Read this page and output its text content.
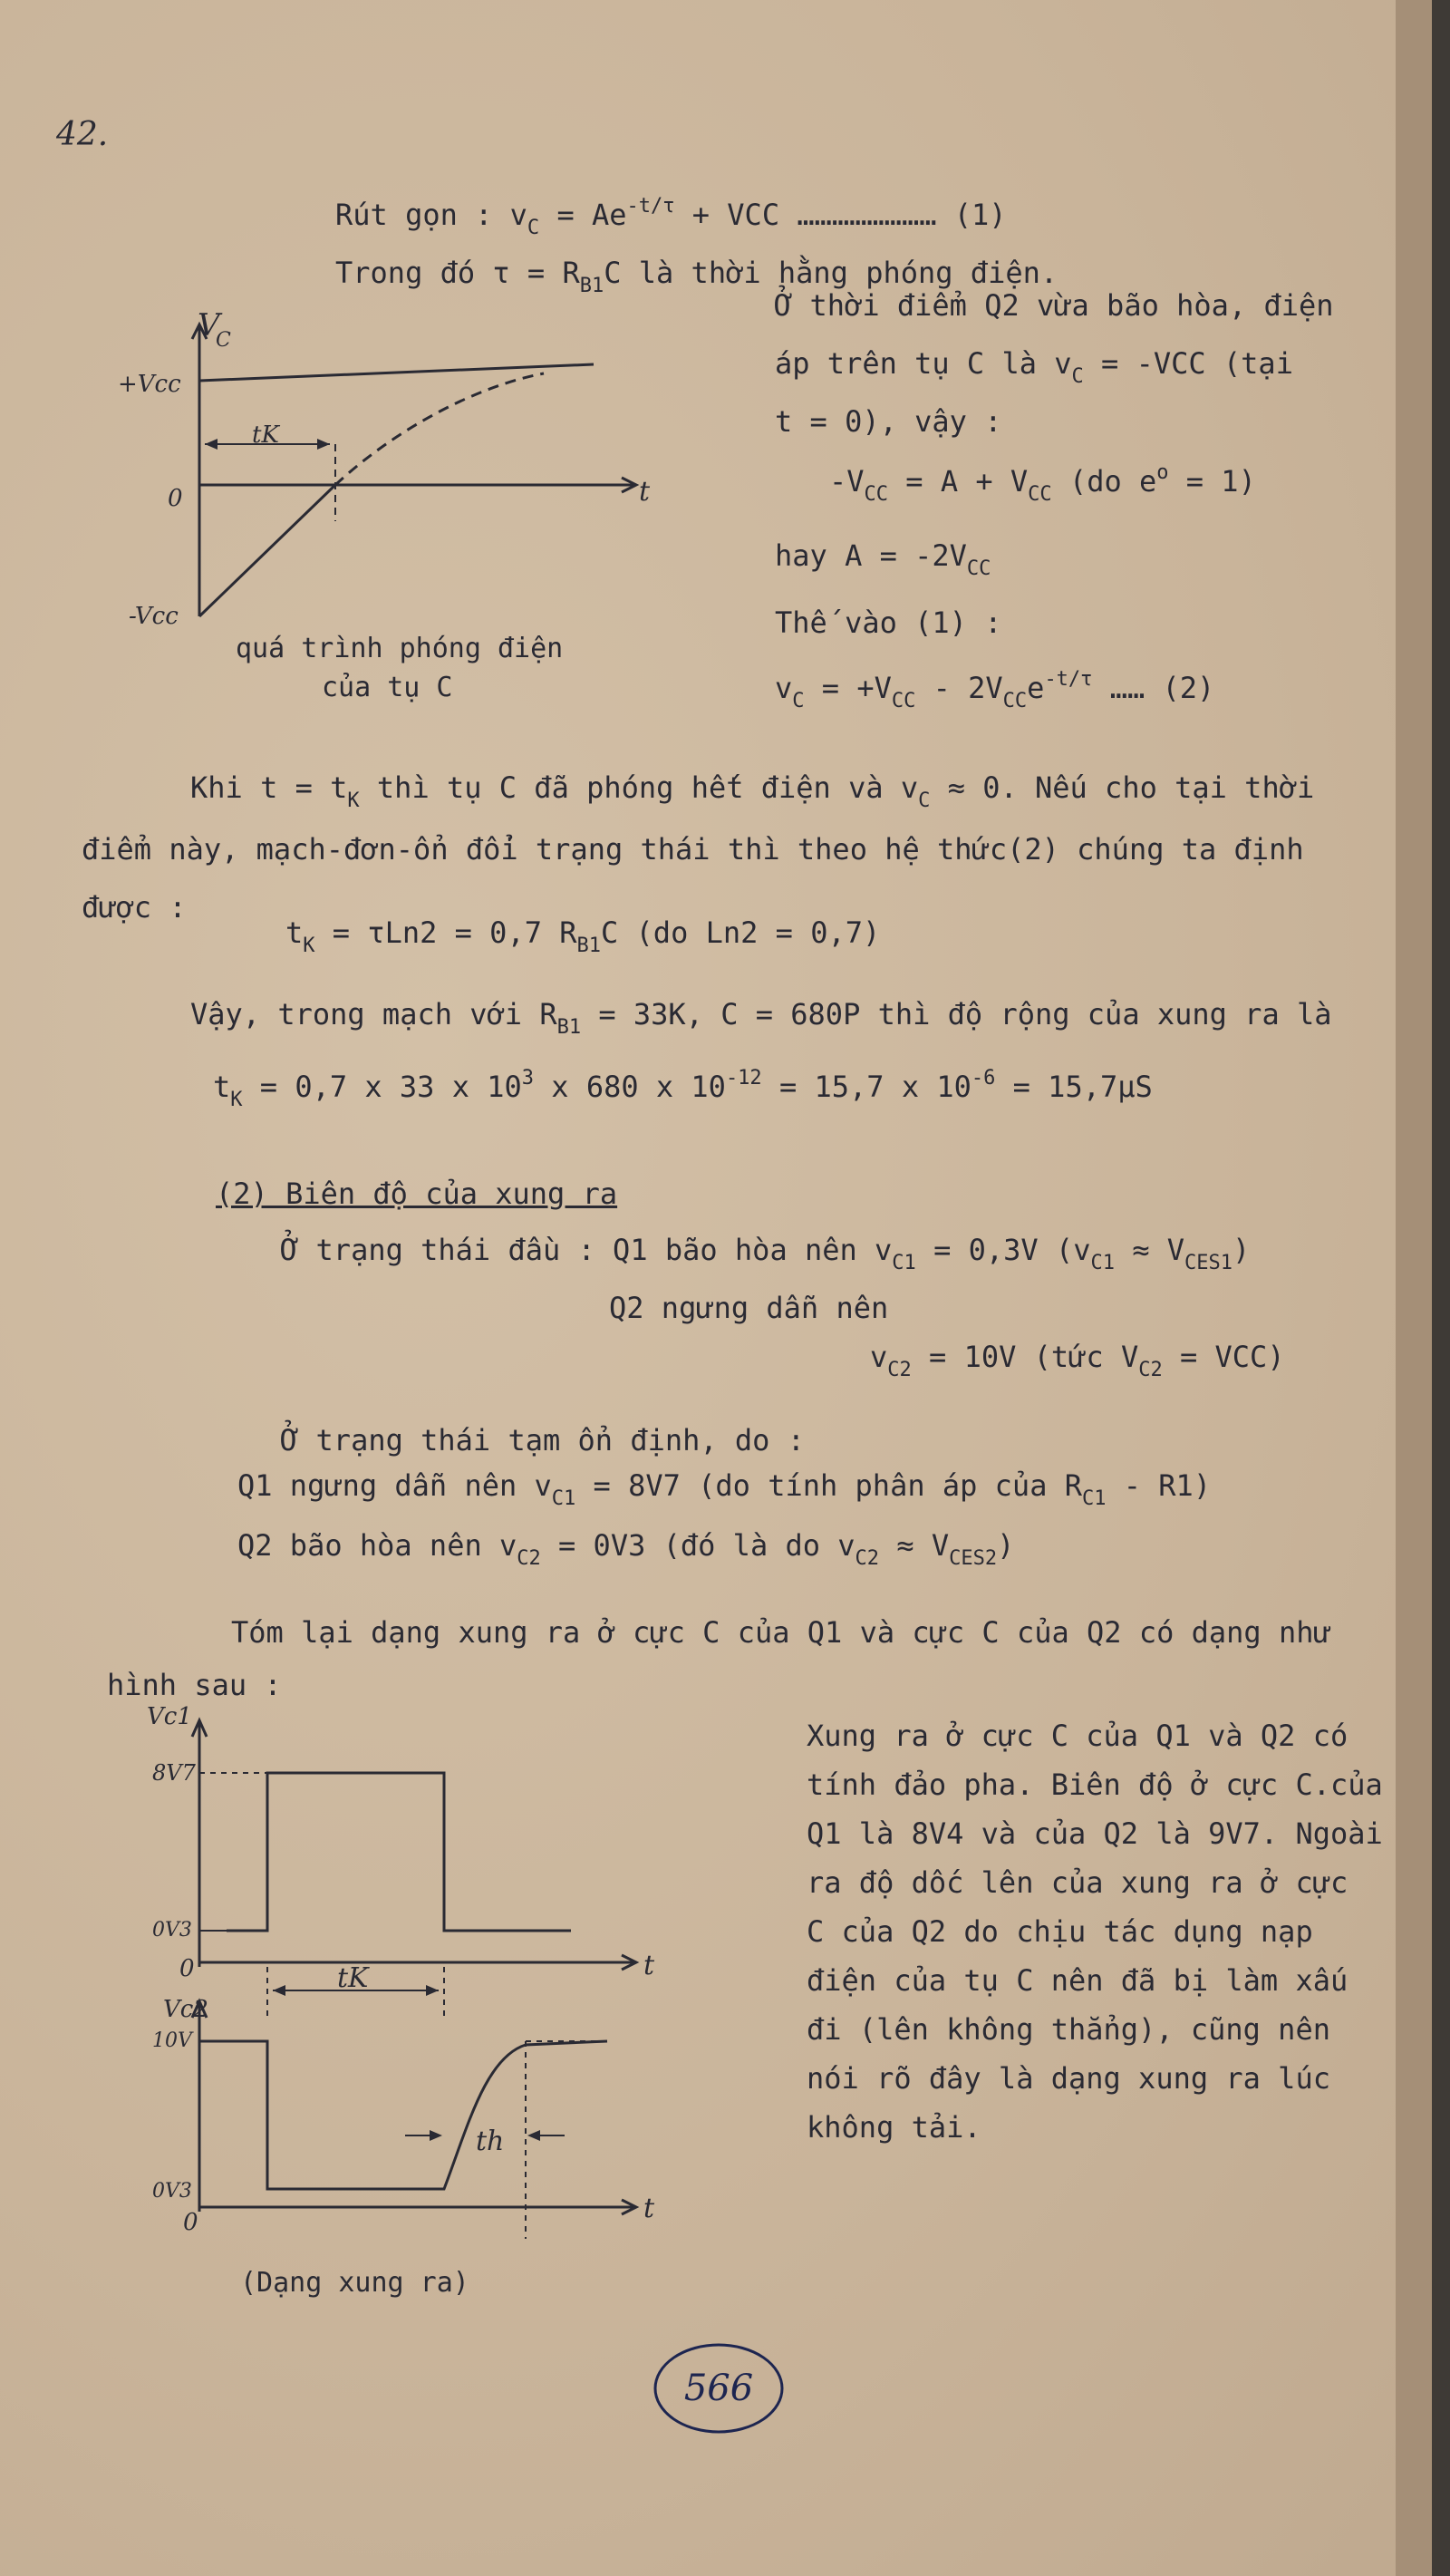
42.
Rút gọn : $v_C = Ae^{-t/\tau}$ + VCC …………………… (1)
Trong đó $\tau = R_{B1}C$ là thời hằng phóng điện.
V
C
+Vcc
0
-Vcc
t
tK
quá trình phóng điện
của tụ C
Ở thời điểm Q2 vừa bão hòa, điện
áp trên tụ C là $v_C = -VCC$ (tại
t = 0), vậy :
$-V_{CC} = A + V_{CC}$ (do $e^o = 1$)
hay $A = -2V_{CC}$
Thế vào (1) :
$v_C = +V_{CC} - 2V_{CC}e^{-t/\tau}$ …… (2)
Khi $t = t_K$ thì tụ C đã phóng hết điện và $v_C \approx 0$. Nếu cho tại thời
điểm này, mạch-đơn-ổn đổi trạng thái thì theo hệ thức(2) chúng ta định
được :
$t_K = \tau Ln2 = 0,7$ $R_{B1}C$ (do Ln2 = 0,7)
Vậy, trong mạch với $R_{B1} = 33K$, C = 680P thì độ rộng của xung ra là
$t_K = 0,7$ x 33 x $10^3$ x 680 x $10^{-12} = 15,7$ x $10^{-6} = 15,7\mu S$
(2) Biên độ của xung ra
Ở trạng thái đầu : Q1 bão hòa nên $v_{C1} = 0,3V$ $(v_{C1} \approx V_{CES1})$
Q2 ngưng dẫn nên
$v_{C2} = 10V$ (tức $V_{C2} = VCC$)
Ở trạng thái tạm ổn định, do :
Q1 ngưng dẫn nên $v_{C1} = 8V7$ (do tính phân áp của $R_{C1} - R1$)
Q2 bão hòa nên $v_{C2} = 0V3$ (đó là do $v_{C2} \approx V_{CES2}$)
Tóm lại dạng xung ra ở cực C của Q1 và cực C của Q2 có dạng như
hình sau :
Xung ra ở cực C của Q1 và Q2 có
tính đảo pha. Biên độ ở cực C.của
Q1 là 8V4 và của Q2 là 9V7. Ngoài
ra độ dốc lên của xung ra ở cực
C của Q2 do chịu tác dụng nạp
điện của tụ C nên đã bị làm xấu
đi (lên không thẳng), cũng nên
nói rõ đây là dạng xung ra lúc
không tải.
Vc1
8V7
0V3
0	t
tK
Vc2
10V
0V3
0	t
th
(Dạng xung ra)
566
